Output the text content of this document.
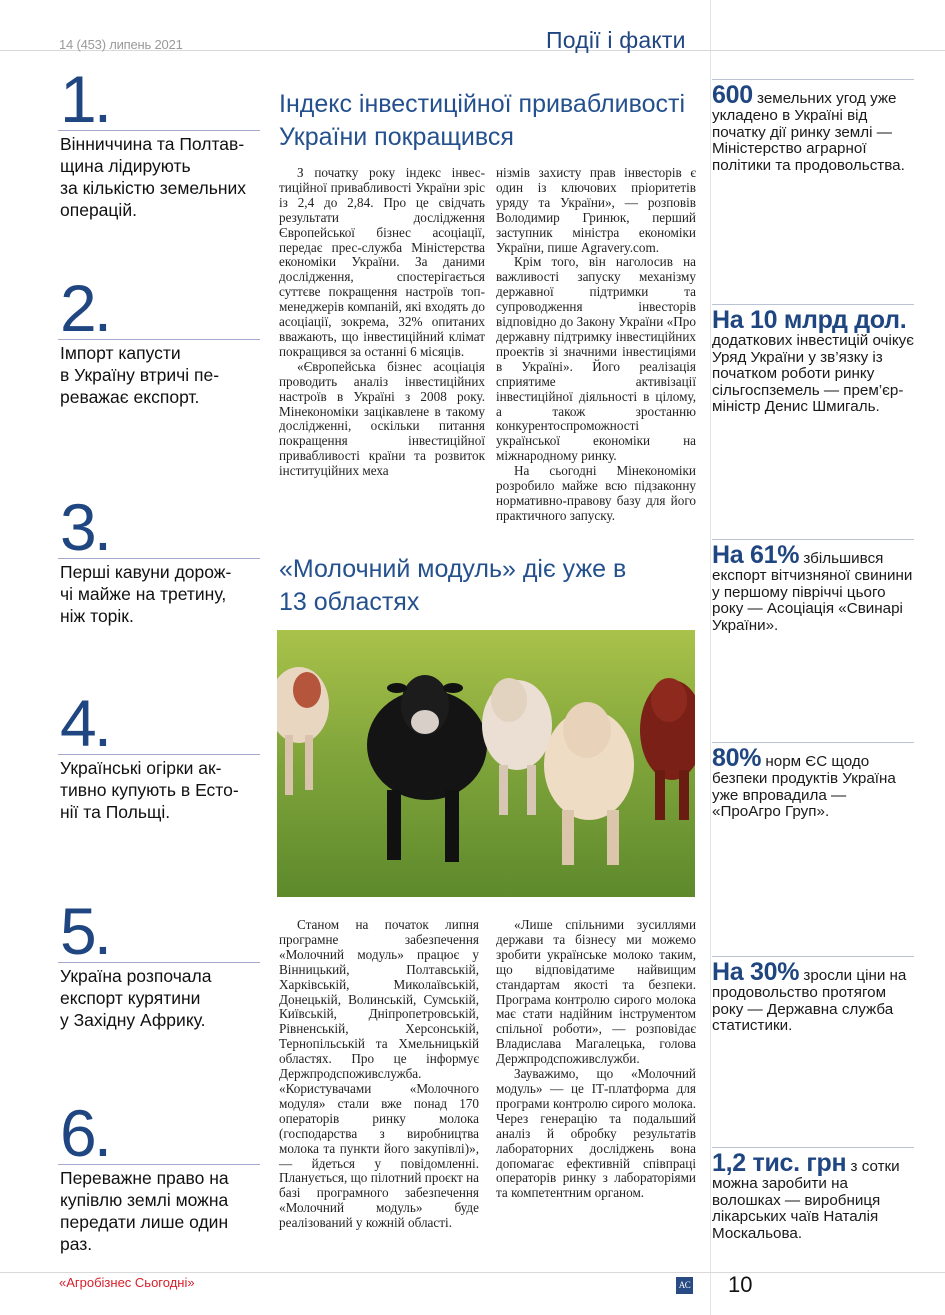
14 (453) липень 2021	Події і факти
1.
Вінниччина та Полтав-
щина лідирують
за кількістю земельних
операцій.
2.
Імпорт капусти
в Україну втричі пе-
реважає експорт.
3.
Перші кавуни дорож-
чі майже на третину,
ніж торік.
4.
Українські огірки ак-
тивно купують в Есто-
нії та Польщі.
5.
Україна розпочала
експорт курятини
у Західну Африку.
6.
Переважне право на
купівлю землі можна
передати лише один
раз.
Індекс інвестиційної привабливості України покращився

З початку року індекс інвестиційної привабливості України зріс із 2,4 до 2,84. Про це свідчать результати дослідження Європейської бізнес асоціації, передає прес-служба Міністерства економіки України. За даними дослідження, спостерігається суттєве покращення настроїв топ-менеджерів компаній, які входять до асоціації, зокрема, 32% опитаних вважають, що інвестиційний клімат покращився за останні 6 місяців.

«Європейська бізнес асоціація проводить аналіз інвестиційних настроїв в Україні з 2008 року. Мінекономіки зацікавлене в такому дослідженні, оскільки питання покращення інвестиційної привабливості країни та розвиток інституційних меха

нізмів захисту прав інвесторів є один із ключових пріоритетів уряду та України», — розповів Володимир Гринюк, перший заступник міністра економіки України, пише Agravery.com.

Крім того, він наголосив на важливості запуску механізму державної підтримки та супроводження інвесторів відповідно до Закону України «Про державну підтримку інвестиційних проектів зі значними інвестиціями в Україні». Його реалізація сприятиме активізації інвестиційної діяльності в цілому, а також зростанню конкурентоспроможності української економіки на міжнародному ринку.

На сьогодні Мінекономіки розробило майже всю підзаконну нормативно-правову базу для його практичного запуску.

«Молочний модуль» діє уже в 13 областях

Станом на початок липня програмне забезпечення «Молочний модуль» працює у Вінницький, Полтавській, Харківській, Миколаївській, Донецькій, Волинській, Сумській, Київській, Дніпропетровській, Рівненській, Херсонській, Тернопільській та Хмельницькій областях. Про це інформує Держпродспоживслужба. «Користувачами «Молочного модуля» стали вже понад 170 операторів ринку молока (господарства з виробництва молока та пункти його закупівлі)», — йдеться у повідомленні. Планується, що пілотний проєкт на базі програмного забезпечення «Молочний модуль» буде реалізований у кожній області.

«Лише спільними зусиллями держави та бізнесу ми можемо зробити українське молоко таким, що відповідатиме найвищим стандартам якості та безпеки. Програма контролю сирого молока має стати надійним інструментом спільної роботи», — розповідає Владислава Магалецька, голова Держпродспоживслужби.

Зауважимо, що «Молочний модуль» — це ІТ-платформа для програми контролю сирого молока. Через генерацію та подальший аналіз й обробку результатів лабораторних досліджень вона допомагає ефективній співпраці операторів ринку з лабораторіями та компетентним органом.

600 земельних угод уже укладено в Україні від початку дії ринку землі — Міністерство аграрної політики та продовольства.
На 10 млрд дол.
додаткових інвестицій очікує Уряд України у зв’язку із початком роботи ринку сільгоспземель — прем’єр-міністр Денис Шмигаль.
На 61% збільшився експорт вітчизняної свинини у першому півріччі цього року — Асоціація «Свинарі України».
80% норм ЄС щодо безпеки продуктів Україна уже впровадила — «ПроАгро Груп».
На 30% зросли ціни на продовольство протягом року — Державна служба статистики.
1,2 тис. грн з сотки можна заробити на волошках — виробниця лікарських чаїв Наталія Москальова.
«Агробізнес Сьогодні»	AC 10
